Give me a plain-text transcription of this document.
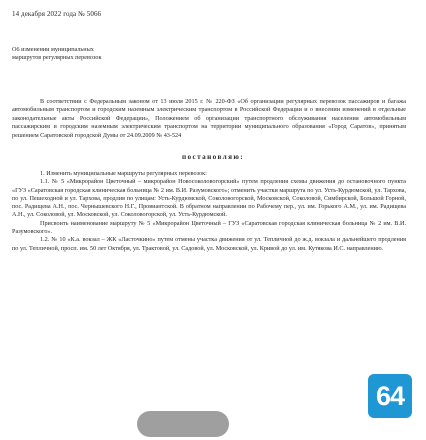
14 декабря 2022 года № 5066
О6 изменении муниципальных
маршрутов регулярных перевозок
В соответствии с Федеральным законом от 13 июля 2015 г. № 220-ФЗ «Об организации регулярных перевозок пассажиров и багажа автомобильным транспортом и городским наземным электрическим транспортом в Российской Федерации и о внесении изменений в отдельные законодательные акты Российской Федерации», Положением об организации транспортного обслуживания населения автомобильным пассажирским и городским наземным электрическим транспортом на территории муниципального образования «Город Саратов», принятым решением Саратовской городской Думы от 24.09.2009 № 43-524
постановляю:

1. Изменить муниципальные маршруты регулярных перевозок:

1.1. № 5 «Микрорайон Цветочный – микрорайон Новосоколовогорский» путем продления схемы движения до остановочного пункта «ГУЗ «Саратовская городская клиническая больница № 2 им. В.И. Разумовского»; отменить участки маршрута по ул. Усть-Курдюмской, ул. Тархова, по ул. Пешеходной и ул. Тархова, продлив по улицам: Усть-Курдюмской, Соколовогорской, Московской, Соколовой, Симбирской, Большой Горной, пос. Радищева А.Н., пос. Чернышевского Н.Г., Провиантской. В обратном направлении по Рабочему пер., ул. им. Горького А.М., ул. им. Радищева А.Н., ул. Соколовой, ул. Московской, ул. Соколовогорской, ул. Усть-Курдюмской.

Присвоить наименование маршруту № 5 «Микрорайон Цветочный – ГУЗ «Саратовская городская клиническая больница № 2 им. В.И. Разумовского».

1.2. № 10 «К.а. вокзал – ЖК «Ласточкино» путем отмены участка движения от ул. Тепличной до ж.д. вокзала и дальнейшего продления по ул. Тепличной, просп. им. 50 лет Октября, ул. Трактовой, ул. Садовой, ул. Московской, ул. Кривой до ул. им. Кутякова И.С. направлению.

64
